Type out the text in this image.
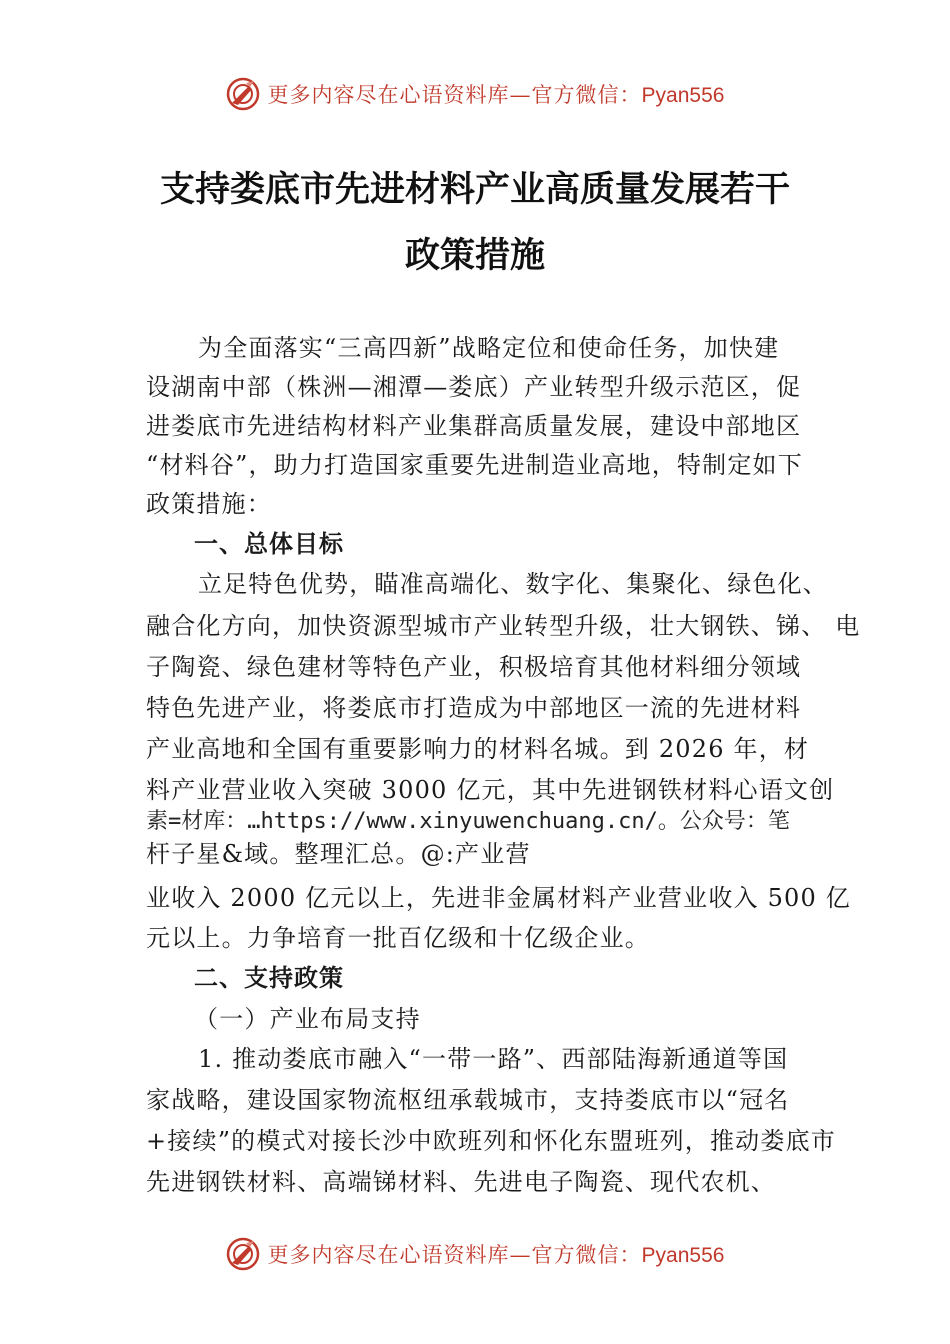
更多内容尽在心语资料库—官方微信：Pyan556
支持娄底市先进材料产业高质量发展若干
政策措施
为全面落实“三高四新”战略定位和使命任务，加快建
设湖南中部（株洲—湘潭—娄底）产业转型升级示范区，促
进娄底市先进结构材料产业集群高质量发展，建设中部地区
“材料谷”，助力打造国家重要先进制造业高地，特制定如下
政策措施：
一、总体目标
立足特色优势，瞄准高端化、数字化、集聚化、绿色化、
融合化方向，加快资源型城市产业转型升级，壮大钢铁、锑、 电
子陶瓷、绿色建材等特色产业，积极培育其他材料细分领域
特色先进产业，将娄底市打造成为中部地区一流的先进材料
产业高地和全国有重要影响力的材料名城。到 2026 年，材
料产业营业收入突破 3000 亿元，其中先进钢铁材料心语文创
素=材库：…https://www.xinyuwenchuang.cn/。公众号：笔
杆子星&域。整理汇总。@:产业营
业收入 2000 亿元以上，先进非金属材料产业营业收入 500 亿
元以上。力争培育一批百亿级和十亿级企业。
二、支持政策
（一）产业布局支持
1. 推动娄底市融入“一带一路”、西部陆海新通道等国
家战略，建设国家物流枢纽承载城市，支持娄底市以“冠名
+接续”的模式对接长沙中欧班列和怀化东盟班列，推动娄底市
先进钢铁材料、高端锑材料、先进电子陶瓷、现代农机、
更多内容尽在心语资料库—官方微信：Pyan556
